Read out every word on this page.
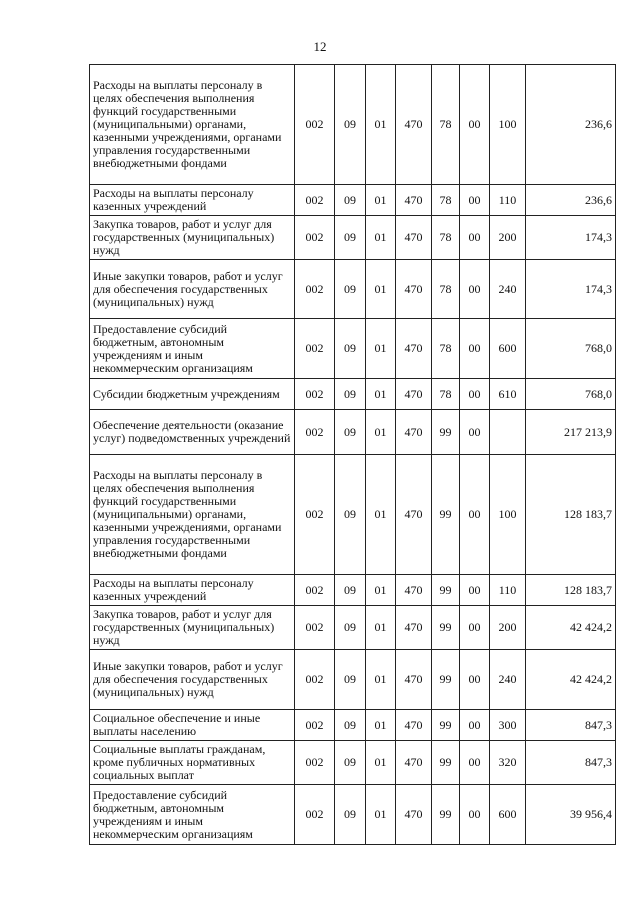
12
Расходы на выплаты персоналу в целях обеспечения выполнения функций государственными (муниципальными) органами, казенными учреждениями, органами управления государственными внебюджетными фондами	002	09	01	470	78	00	100	236,6
Расходы на выплаты персоналу казенных учреждений	002	09	01	470	78	00	110	236,6
Закупка товаров, работ и услуг для государственных (муниципальных) нужд	002	09	01	470	78	00	200	174,3
Иные закупки товаров, работ и услуг для обеспечения государственных (муниципальных) нужд	002	09	01	470	78	00	240	174,3
Предоставление субсидий бюджетным, автономным учреждениям и иным некоммерческим организациям	002	09	01	470	78	00	600	768,0
Субсидии бюджетным учреждениям	002	09	01	470	78	00	610	768,0
Обеспечение деятельности (оказание услуг) подведомственных учреждений	002	09	01	470	99	00		217 213,9
Расходы на выплаты персоналу в целях обеспечения выполнения функций государственными (муниципальными) органами, казенными учреждениями, органами управления государственными внебюджетными фондами	002	09	01	470	99	00	100	128 183,7
Расходы на выплаты персоналу казенных учреждений	002	09	01	470	99	00	110	128 183,7
Закупка товаров, работ и услуг для государственных (муниципальных) нужд	002	09	01	470	99	00	200	42 424,2
Иные закупки товаров, работ и услуг для обеспечения государственных (муниципальных) нужд	002	09	01	470	99	00	240	42 424,2
Социальное обеспечение и иные выплаты населению	002	09	01	470	99	00	300	847,3
Социальные выплаты гражданам, кроме публичных нормативных социальных выплат	002	09	01	470	99	00	320	847,3
Предоставление субсидий бюджетным, автономным учреждениям и иным некоммерческим организациям	002	09	01	470	99	00	600	39 956,4
